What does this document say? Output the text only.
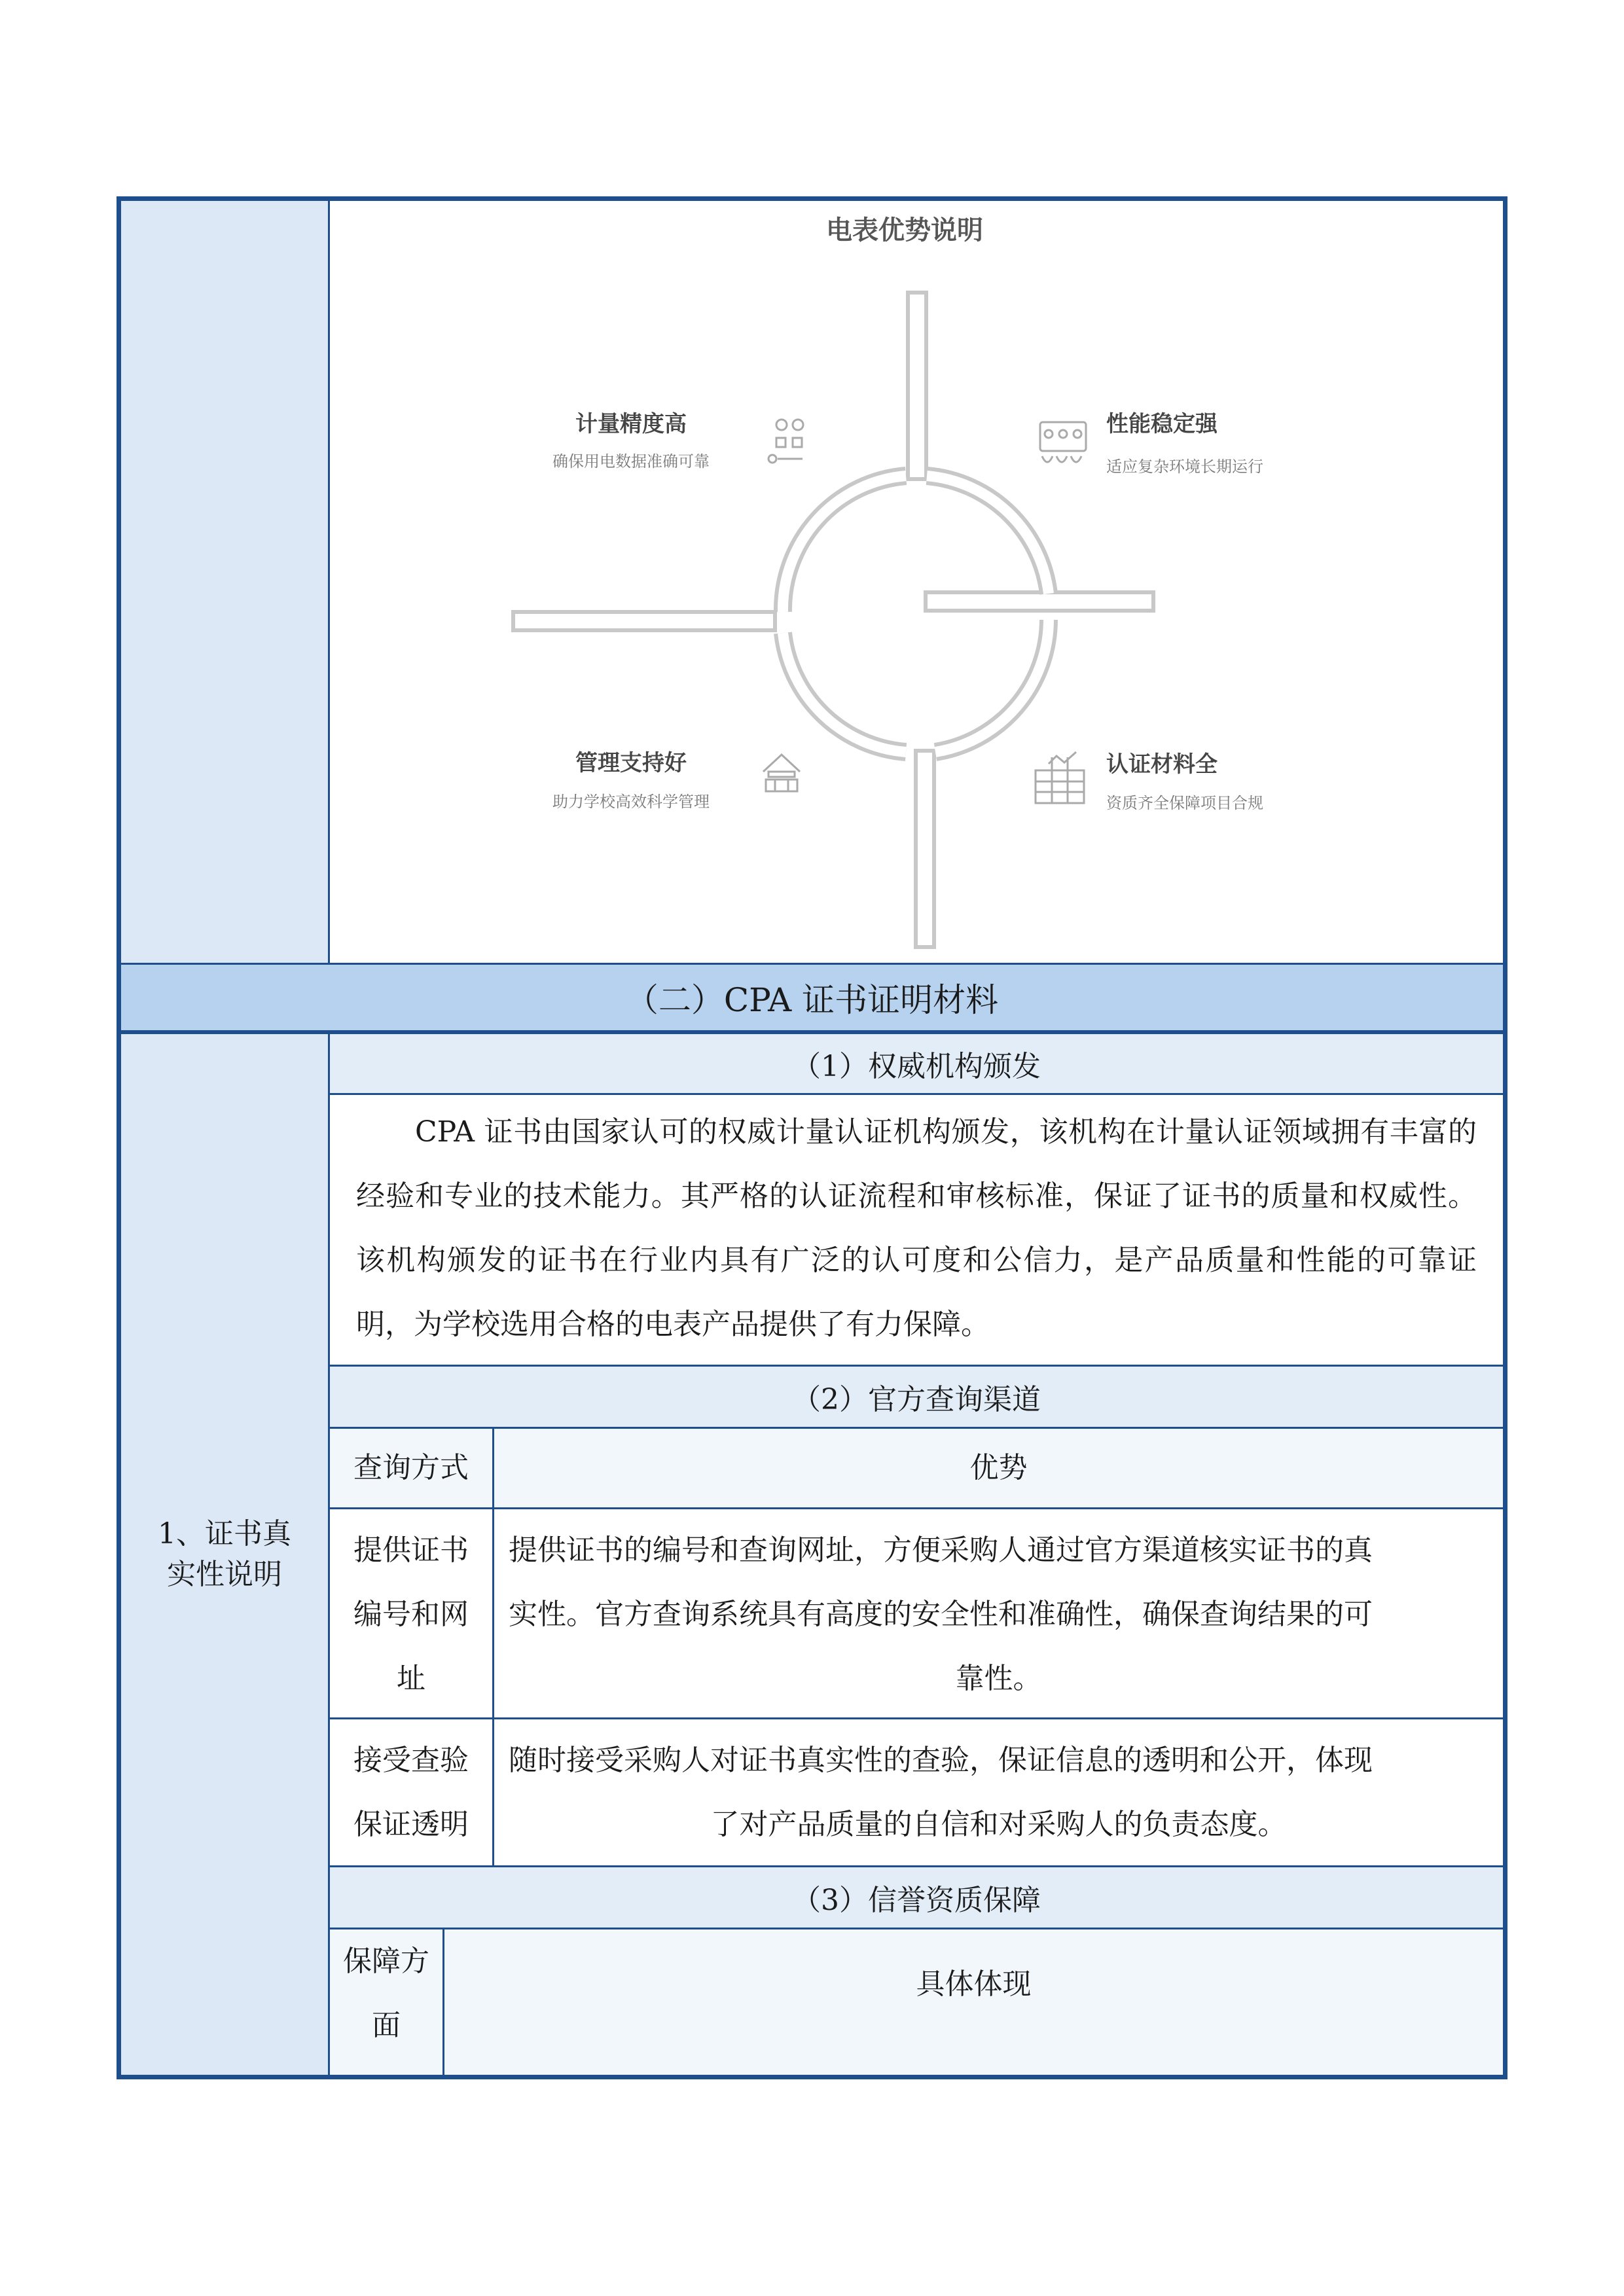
1、证书真
实性说明
电表优势说明
计量精度高
确保用电数据准确可靠
性能稳定强
适应复杂环境长期运行
管理支持好
助力学校高效科学管理
认证材料全
资质齐全保障项目合规
（二）CPA 证书证明材料
（1）权威机构颁发
CPA 证书由国家认可的权威计量认证机构颁发，该机构在计量认证领域拥有丰富的经验和专业的技术能力。其严格的认证流程和审核标准，保证了证书的质量和权威性。该机构颁发的证书在行业内具有广泛的认可度和公信力，是产品质量和性能的可靠证明，为学校选用合格的电表产品提供了有力保障。
（2）官方查询渠道
查询方式	优势
提供证书
编号和网
址
提供证书的编号和查询网址，方便采购人通过官方渠道核实证书的真
实性。官方查询系统具有高度的安全性和准确性，确保查询结果的可
靠性。
接受查验
保证透明
随时接受采购人对证书真实性的查验，保证信息的透明和公开，体现
了对产品质量的自信和对采购人的负责态度。
（3）信誉资质保障
保障方
面
具体体现
